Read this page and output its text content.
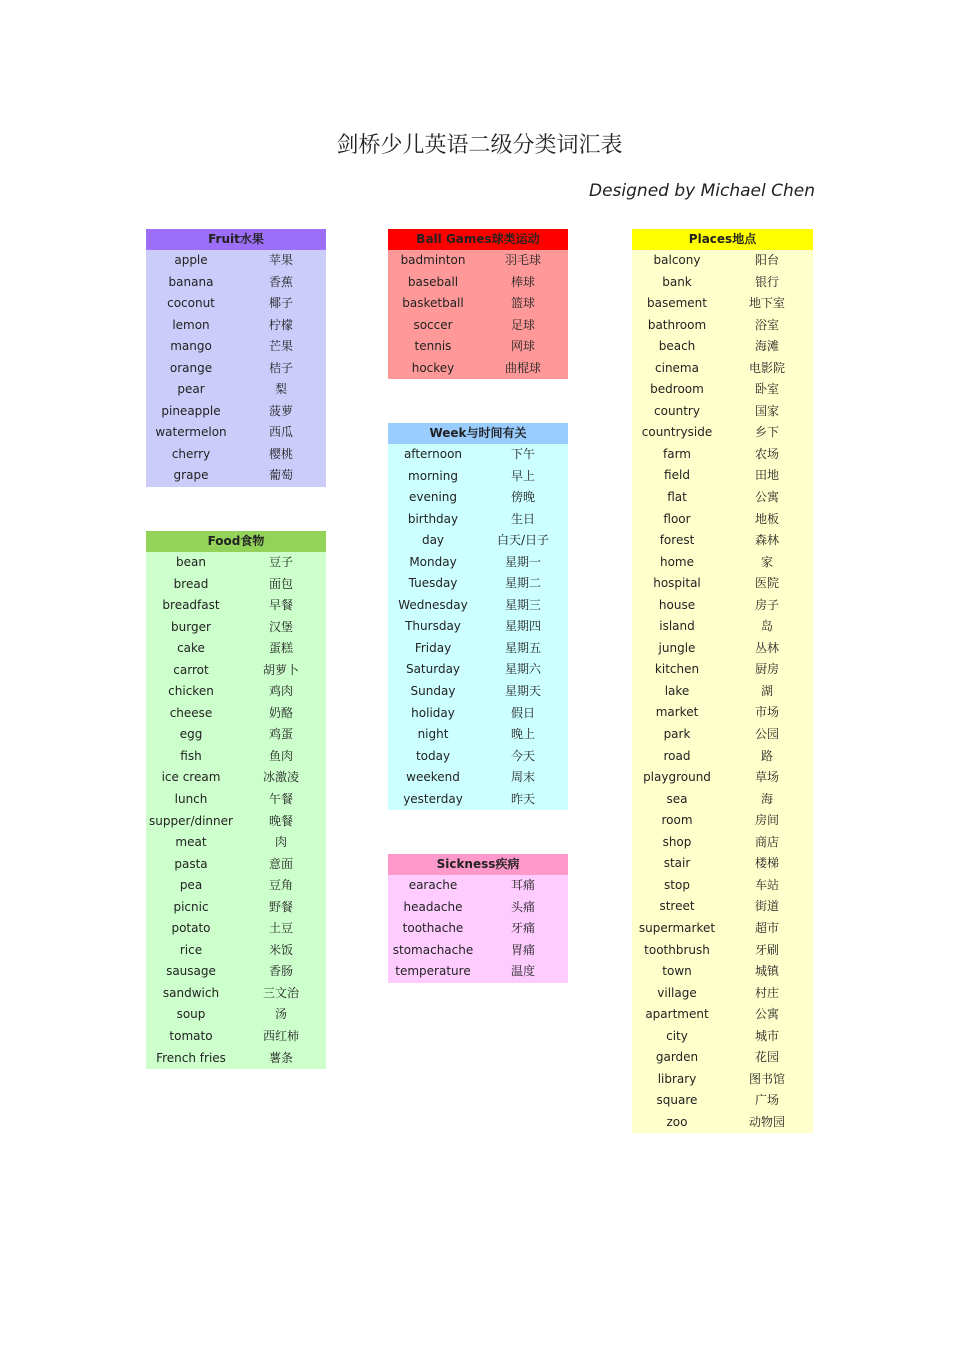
剑桥少儿英语二级分类词汇表
Designed by Michael Chen
Fruit水果
apple	苹果
banana	香蕉
coconut	椰子
lemon	柠檬
mango	芒果
orange	桔子
pear	梨
pineapple	菠萝
watermelon	西瓜
cherry	樱桃
grape	葡萄
Food食物
bean	豆子
bread	面包
breadfast	早餐
burger	汉堡
cake	蛋糕
carrot	胡萝卜
chicken	鸡肉
cheese	奶酪
egg	鸡蛋
fish	鱼肉
ice cream	冰激凌
lunch	午餐
supper/dinner	晚餐
meat	肉
pasta	意面
pea	豆角
picnic	野餐
potato	土豆
rice	米饭
sausage	香肠
sandwich	三文治
soup	汤
tomato	西红柿
French fries	薯条
Ball Games球类运动
badminton	羽毛球
baseball	棒球
basketball	篮球
soccer	足球
tennis	网球
hockey	曲棍球
Week与时间有关
afternoon	下午
morning	早上
evening	傍晚
birthday	生日
day	白天/日子
Monday	星期一
Tuesday	星期二
Wednesday	星期三
Thursday	星期四
Friday	星期五
Saturday	星期六
Sunday	星期天
holiday	假日
night	晚上
today	今天
weekend	周末
yesterday	昨天
Sickness疾病
earache	耳痛
headache	头痛
toothache	牙痛
stomachache	胃痛
temperature	温度
Places地点
balcony	阳台
bank	银行
basement	地下室
bathroom	浴室
beach	海滩
cinema	电影院
bedroom	卧室
country	国家
countryside	乡下
farm	农场
field	田地
flat	公寓
floor	地板
forest	森林
home	家
hospital	医院
house	房子
island	岛
jungle	丛林
kitchen	厨房
lake	湖
market	市场
park	公园
road	路
playground	草场
sea	海
room	房间
shop	商店
stair	楼梯
stop	车站
street	街道
supermarket	超市
toothbrush	牙刷
town	城镇
village	村庄
apartment	公寓
city	城市
garden	花园
library	图书馆
square	广场
zoo	动物园
